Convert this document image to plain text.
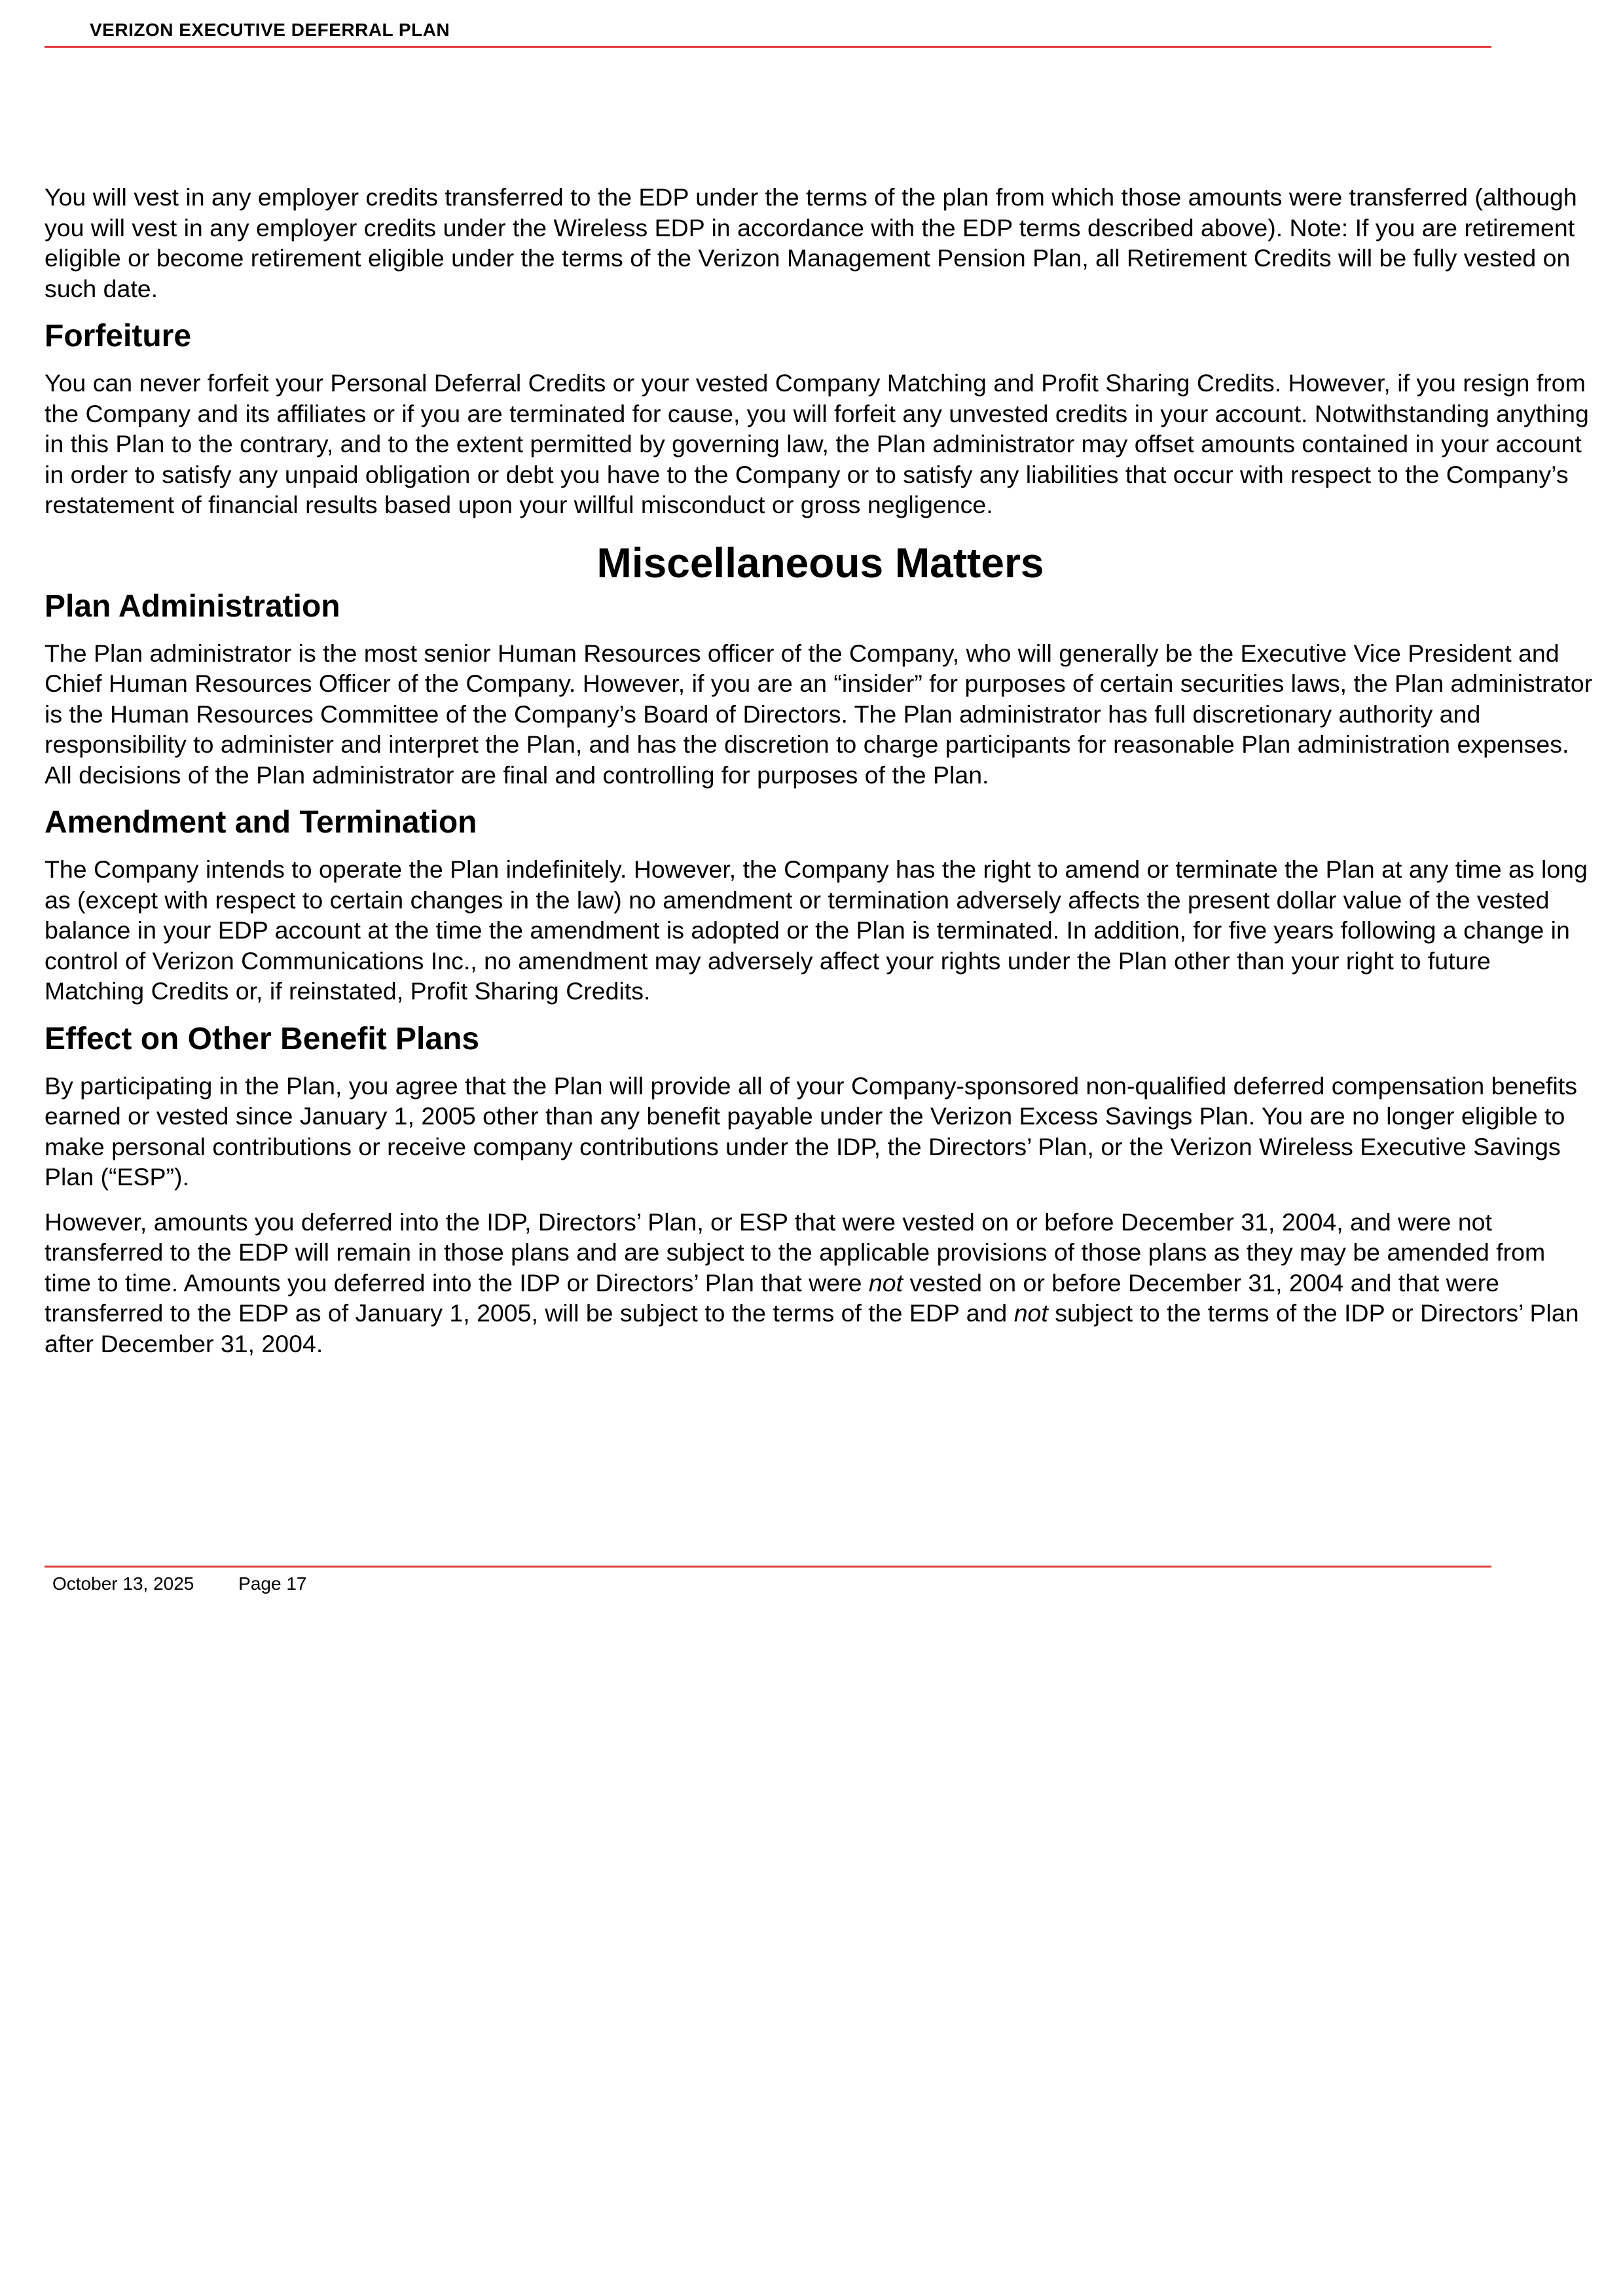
VERIZON EXECUTIVE DEFERRAL PLAN

You will vest in any employer credits transferred to the EDP under the terms of the plan from which those amounts were transferred (although you will vest in any employer credits under the Wireless EDP in accordance with the EDP terms described above). Note: If you are retirement eligible or become retirement eligible under the terms of the Verizon Management Pension Plan, all Retirement Credits will be fully vested on such date.

Forfeiture

You can never forfeit your Personal Deferral Credits or your vested Company Matching and Profit Sharing Credits. However, if you resign from the Company and its affiliates or if you are terminated for cause, you will forfeit any unvested credits in your account. Notwithstanding anything in this Plan to the contrary, and to the extent permitted by governing law, the Plan administrator may offset amounts contained in your account in order to satisfy any unpaid obligation or debt you have to the Company or to satisfy any liabilities that occur with respect to the Company’s restatement of financial results based upon your willful misconduct or gross negligence.

Miscellaneous Matters
Plan Administration

The Plan administrator is the most senior Human Resources officer of the Company, who will generally be the Executive Vice President and Chief Human Resources Officer of the Company. However, if you are an “insider” for purposes of certain securities laws, the Plan administrator is the Human Resources Committee of the Company’s Board of Directors. The Plan administrator has full discretionary authority and responsibility to administer and interpret the Plan, and has the discretion to charge participants for reasonable Plan administration expenses. All decisions of the Plan administrator are final and controlling for purposes of the Plan.

Amendment and Termination

The Company intends to operate the Plan indefinitely. However, the Company has the right to amend or terminate the Plan at any time as long as (except with respect to certain changes in the law) no amendment or termination adversely affects the present dollar value of the vested balance in your EDP account at the time the amendment is adopted or the Plan is terminated. In addition, for five years following a change in control of Verizon Communications Inc., no amendment may adversely affect your rights under the Plan other than your right to future Matching Credits or, if reinstated, Profit Sharing Credits.

Effect on Other Benefit Plans

By participating in the Plan, you agree that the Plan will provide all of your Company-sponsored non-qualified deferred compensation benefits earned or vested since January 1, 2005 other than any benefit payable under the Verizon Excess Savings Plan. You are no longer eligible to make personal contributions or receive company contributions under the IDP, the Directors’ Plan, or the Verizon Wireless Executive Savings Plan (“ESP”).

However, amounts you deferred into the IDP, Directors’ Plan, or ESP that were vested on or before December 31, 2004, and were not transferred to the EDP will remain in those plans and are subject to the applicable provisions of those plans as they may be amended from time to time. Amounts you deferred into the IDP or Directors’ Plan that were not vested on or before December 31, 2004 and that were transferred to the EDP as of January 1, 2005, will be subject to the terms of the EDP and not subject to the terms of the IDP or Directors’ Plan after December 31, 2004.

October 13, 2025 Page 17
